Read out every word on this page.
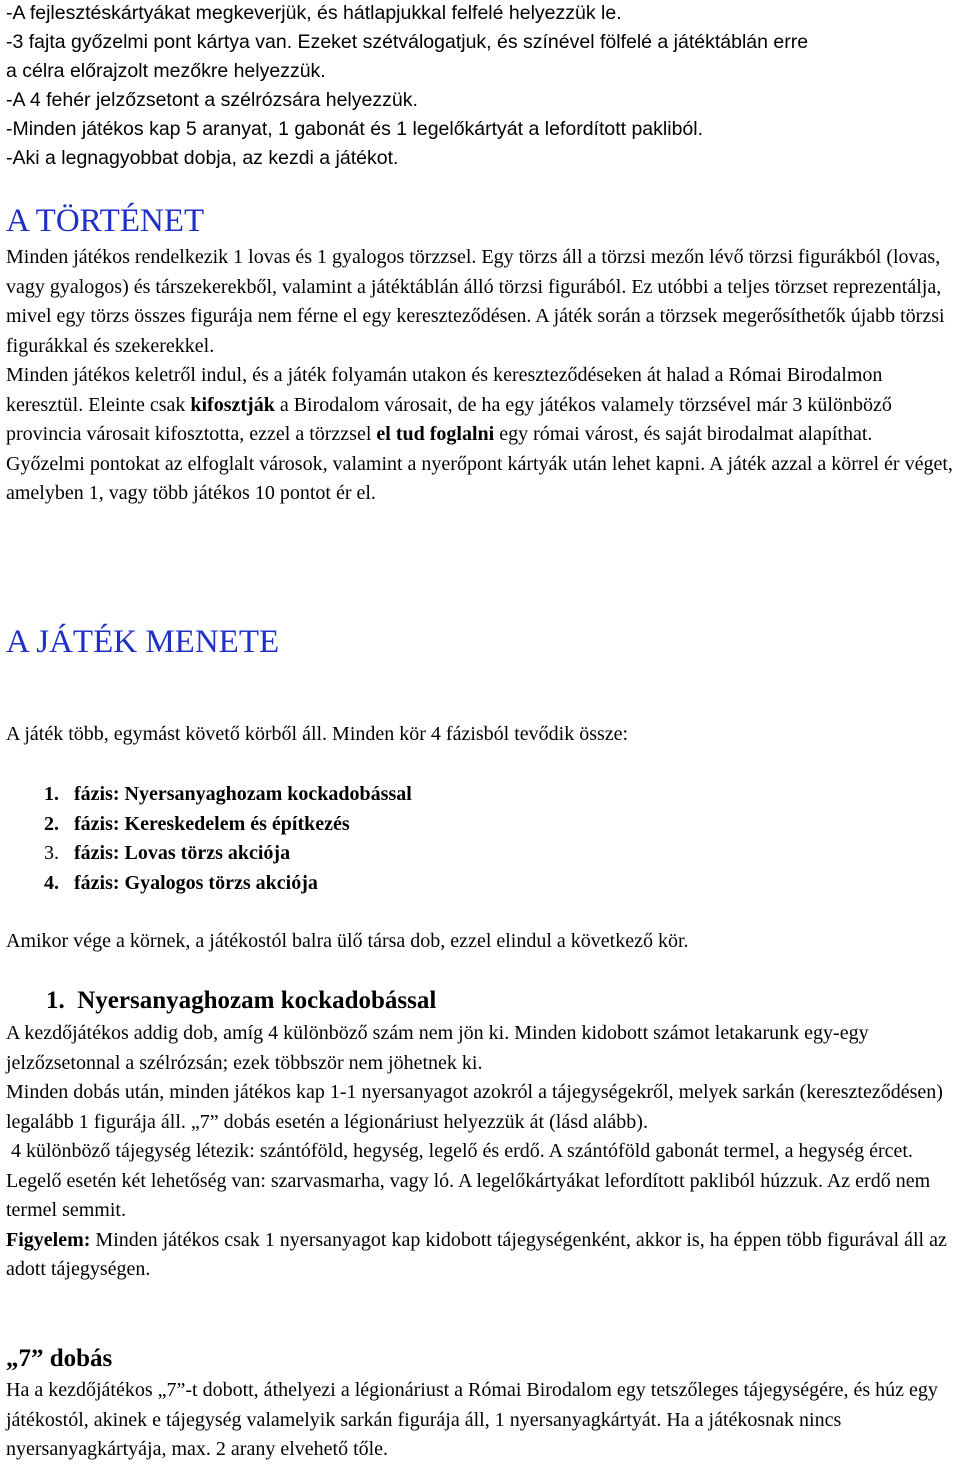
-A fejlesztéskártyákat megkeverjük, és hátlapjukkal felfelé helyezzük le.

-3 fajta győzelmi pont kártya van. Ezeket szétválogatjuk, és színével fölfelé a játéktáblán erre

a célra előrajzolt mezőkre helyezzük.

-A 4 fehér jelzőzsetont a szélrózsára helyezzük.

-Minden játékos kap 5 aranyat, 1 gabonát és 1 legelőkártyát a lefordított pakliból.

-Aki a legnagyobbat dobja, az kezdi a játékot.

A TÖRTÉNET

Minden játékos rendelkezik 1 lovas és 1 gyalogos törzzsel. Egy törzs áll a törzsi mezőn lévő törzsi figurákból (lovas, vagy gyalogos) és társzekerekből, valamint a játéktáblán álló törzsi figurából. Ez utóbbi a teljes törzset reprezentálja, mivel egy törzs összes figurája nem férne el egy kereszteződésen. A játék során a törzsek megerősíthetők újabb törzsi figurákkal és szekerekkel.

Minden játékos keletről indul, és a játék folyamán utakon és kereszteződéseken át halad a Római Birodalmon keresztül. Eleinte csak kifosztják a Birodalom városait, de ha egy játékos valamely törzsével már 3 különböző provincia városait kifosztotta, ezzel a törzzsel el tud foglalni egy római várost, és saját birodalmat alapíthat.

Győzelmi pontokat az elfoglalt városok, valamint a nyerőpont kártyák után lehet kapni. A játék azzal a körrel ér véget, amelyben 1, vagy több játékos 10 pontot ér el.

A JÁTÉK MENETE

A játék több, egymást követő körből áll. Minden kör 4 fázisból tevődik össze:

1. fázis: Nyersanyaghozam kockadobással
2. fázis: Kereskedelem és építkezés
3. fázis: Lovas törzs akciója
4. fázis: Gyalogos törzs akciója

Amikor vége a körnek, a játékostól balra ülő társa dob, ezzel elindul a következő kör.

1.  Nyersanyaghozam kockadobással

A kezdőjátékos addig dob, amíg 4 különböző szám nem jön ki. Minden kidobott számot letakarunk egy-egy jelzőzsetonnal a szélrózsán; ezek többször nem jöhetnek ki.

Minden dobás után, minden játékos kap 1-1 nyersanyagot azokról a tájegységekről, melyek sarkán (kereszteződésen) legalább 1 figurája áll. „7” dobás esetén a légionáriust helyezzük át (lásd alább).

4 különböző tájegység létezik: szántóföld, hegység, legelő és erdő. A szántóföld gabonát termel, a hegység ércet. Legelő esetén két lehetőség van: szarvasmarha, vagy ló. A legelőkártyákat lefordított pakliból húzzuk. Az erdő nem termel semmit.

Figyelem: Minden játékos csak 1 nyersanyagot kap kidobott tájegységenként, akkor is, ha éppen több figurával áll az adott tájegységen.

„7” dobás

Ha a kezdőjátékos „7”-t dobott, áthelyezi a légionáriust a Római Birodalom egy tetszőleges tájegységére, és húz egy játékostól, akinek e tájegység valamelyik sarkán figurája áll, 1 nyersanyagkártyát. Ha a játékosnak nincs nyersanyagkártyája, max. 2 arany elvehető tőle.
